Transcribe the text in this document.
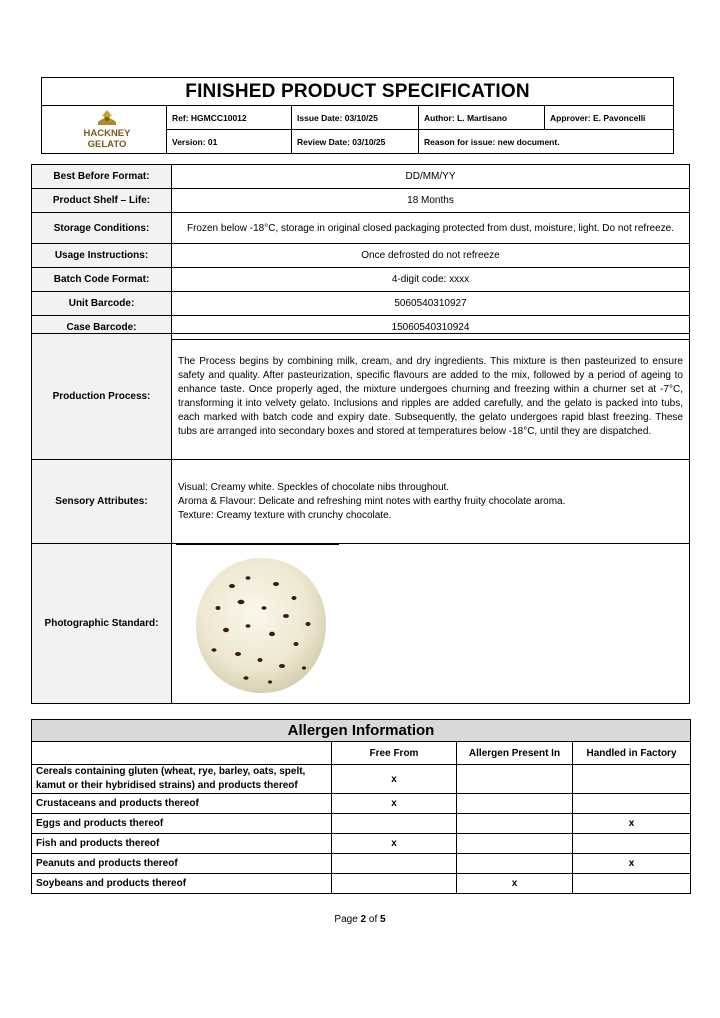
FINISHED PRODUCT SPECIFICATION				

HACKNEY
GELATO	Ref: HGMCC10012	Issue Date: 03/10/25	Author: L. Martisano	Approver: E. Pavoncelli
	Version: 01	Review Date: 03/10/25	Reason for issue: new document.	
Best Before Format:	DD/MM/YY
Product Shelf – Life:	18 Months
Storage Conditions:	Frozen below -18°C, storage in original closed packaging protected from dust, moisture, light. Do not refreeze.
Usage Instructions:	Once defrosted do not refreeze
Batch Code Format:	4-digit code: xxxx
Unit Barcode:	5060540310927
Case Barcode:	15060540310924
Production Process:	The Process begins by combining milk, cream, and dry ingredients. This mixture is then pasteurized to ensure safety and quality. After pasteurization, specific flavours are added to the mix, followed by a period of ageing to enhance taste. Once properly aged, the mixture undergoes churning and freezing within a churner set at -7°C, transforming it into velvety gelato. Inclusions and ripples are added carefully, and the gelato is packed into tubs, each marked with batch code and expiry date. Subsequently, the gelato undergoes rapid blast freezing. These tubs are arranged into secondary boxes and stored at temperatures below -18°C, until they are dispatched.
Sensory Attributes:	Visual: Creamy white. Speckles of chocolate nibs throughout.
Aroma & Flavour: Delicate and refreshing mint notes with earthy fruity chocolate aroma.
Texture: Creamy texture with crunchy chocolate.

Photographic Standard:	
Allergen Information			
	Free From	Allergen Present In	Handled in Factory
Cereals containing gluten (wheat, rye, barley, oats, spelt, kamut or their hybridised strains) and products thereof	x		
Crustaceans and products thereof	x		
Eggs and products thereof			x
Fish and products thereof	x		
Peanuts and products thereof			x
Soybeans and products thereof		x	
Page 2 of 5
